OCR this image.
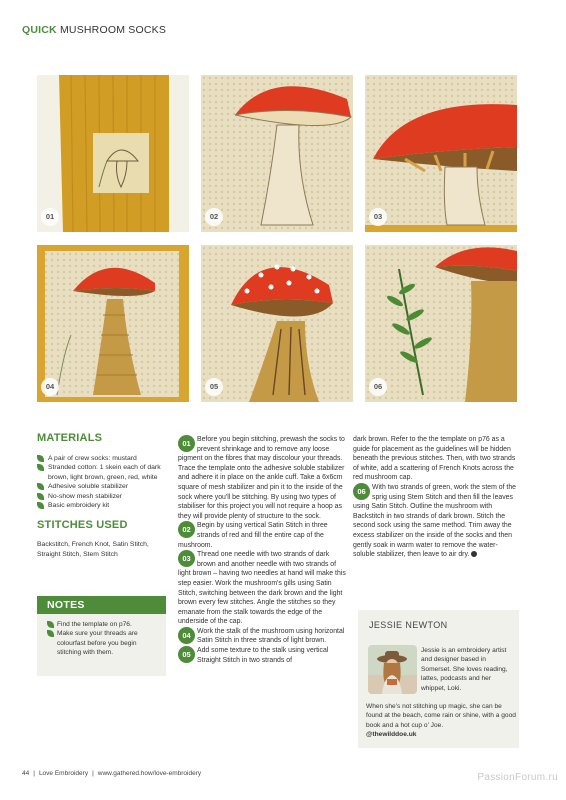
QUICK MUSHROOM SOCKS
01	02	03
04	05	06
MATERIALS
A pair of crew socks: mustard
Stranded cotton: 1 skein each of dark brown, light brown, green, red, white
Adhesive soluble stabilizer
No-show mesh stabilizer
Basic embroidery kit
STITCHES USED
Backstitch, French Knot, Satin Stitch, Straight Stitch, Stem Stitch
NOTES
Find the template on p76.
Make sure your threads are colourfast before you begin stitching with them.

01 Before you begin stitching, prewash the socks to prevent shrinkage and to remove any loose pigment on the fibres that may discolour your threads. Trace the template onto the adhesive soluble stabilizer and adhere it in place on the ankle cuff. Take a 6x6cm square of mesh stabilizer and pin it to the inside of the sock where you'll be stitching. By using two types of stabiliser for this project you will not require a hoop as they will provide plenty of structure to the sock.

02 Begin by using vertical Satin Stitch in three strands of red and fill the entire cap of the mushroom.

03 Thread one needle with two strands of dark brown and another needle with two strands of light brown – having two needles at hand will make this step easier. Work the mushroom's gills using Satin Stitch, switching between the dark brown and the light brown every few stitches. Angle the stitches so they emanate from the stalk towards the edge of the underside of the cap.

04 Work the stalk of the mushroom using horizontal Satin Stitch in three strands of light brown.

05 Add some texture to the stalk using vertical Straight Stitch in two strands of

dark brown. Refer to the the template on p76 as a guide for placement as the guidelines will be hidden beneath the previous stitches. Then, with two strands of white, add a scattering of French Knots across the red mushroom cap.

06 With two strands of green, work the stem of the sprig using Stem Stitch and then fill the leaves using Satin Stitch. Outline the mushroom with Backstitch in two strands of dark brown. Stitch the second sock using the same method. Trim away the excess stabilizer on the inside of the socks and then gently soak in warm water to remove the water-soluble stabilizer, then leave to air dry.

JESSIE NEWTON
Jessie is an embroidery artist and designer based in Somerset. She loves reading, lattes, podcasts and her whippet, Loki.
When she's not stitching up magic, she can be found at the beach, come rain or shine, with a good book and a hot cup o' Joe.
@thewilddoe.uk
44 | Love Embroidery | www.gathered.how/love-embroidery	PassionForum.ru
